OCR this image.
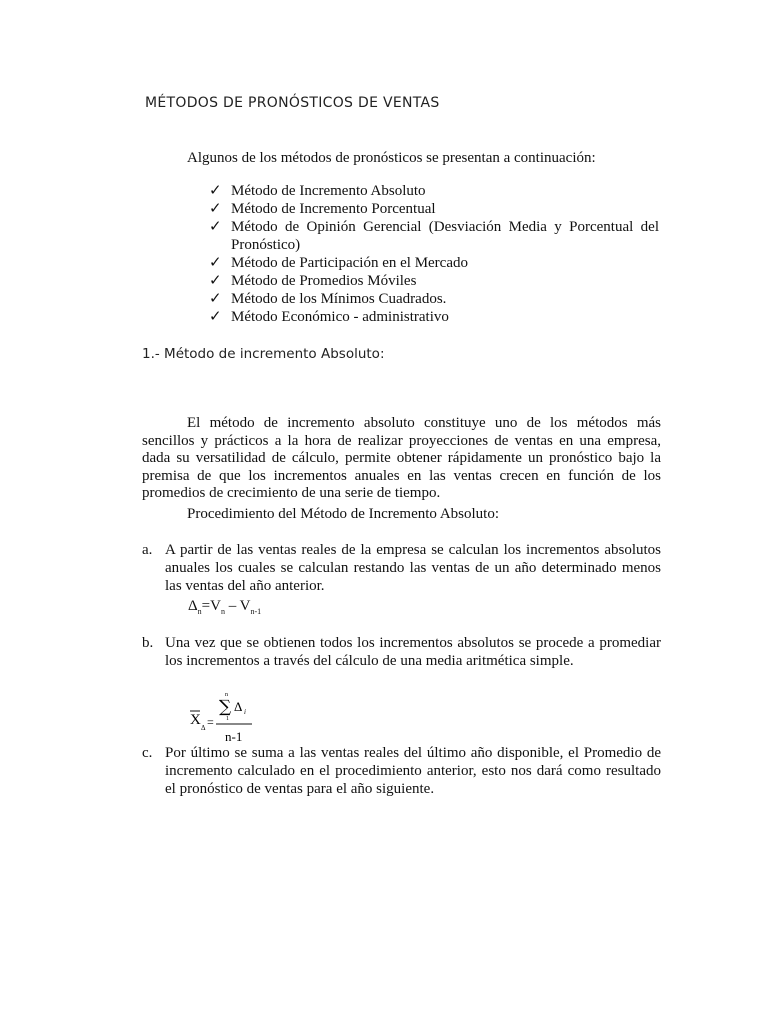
MÉTODOS DE PRONÓSTICOS DE VENTAS
Algunos de los métodos de pronósticos se presentan a continuación:
✓ Método de Incremento Absoluto
✓ Método de Incremento Porcentual
✓ Método de Opinión Gerencial (Desviación Media y Porcentual del Pronóstico)
✓ Método de Participación en el Mercado
✓ Método de Promedios Móviles
✓ Método de los Mínimos Cuadrados.
✓ Método Económico - administrativo
1.- Método de incremento Absoluto:

El método de incremento absoluto constituye uno de los métodos más sencillos y prácticos a la hora de realizar proyecciones de ventas en una empresa, dada su versatilidad de cálculo, permite obtener rápidamente un pronóstico bajo la premisa de que los incrementos anuales en las ventas crecen en función de los promedios de crecimiento de una serie de tiempo.

Procedimiento del Método de Incremento Absoluto:
a. A partir de las ventas reales de la empresa se calculan los incrementos absolutos anuales los cuales se calculan restando las ventas de un año determinado menos las ventas del año anterior.
$\Delta_n=V_n - V_{n-1}$
b. Una vez que se obtienen todos los incrementos absolutos se procede a promediar los incrementos a través del cálculo de una media aritmética simple.
X Δ =
n
∑
1
Δ i
n-1
c. Por último se suma a las ventas reales del último año disponible, el Promedio de incremento calculado en el procedimiento anterior, esto nos dará como resultado el pronóstico de ventas para el año siguiente.
